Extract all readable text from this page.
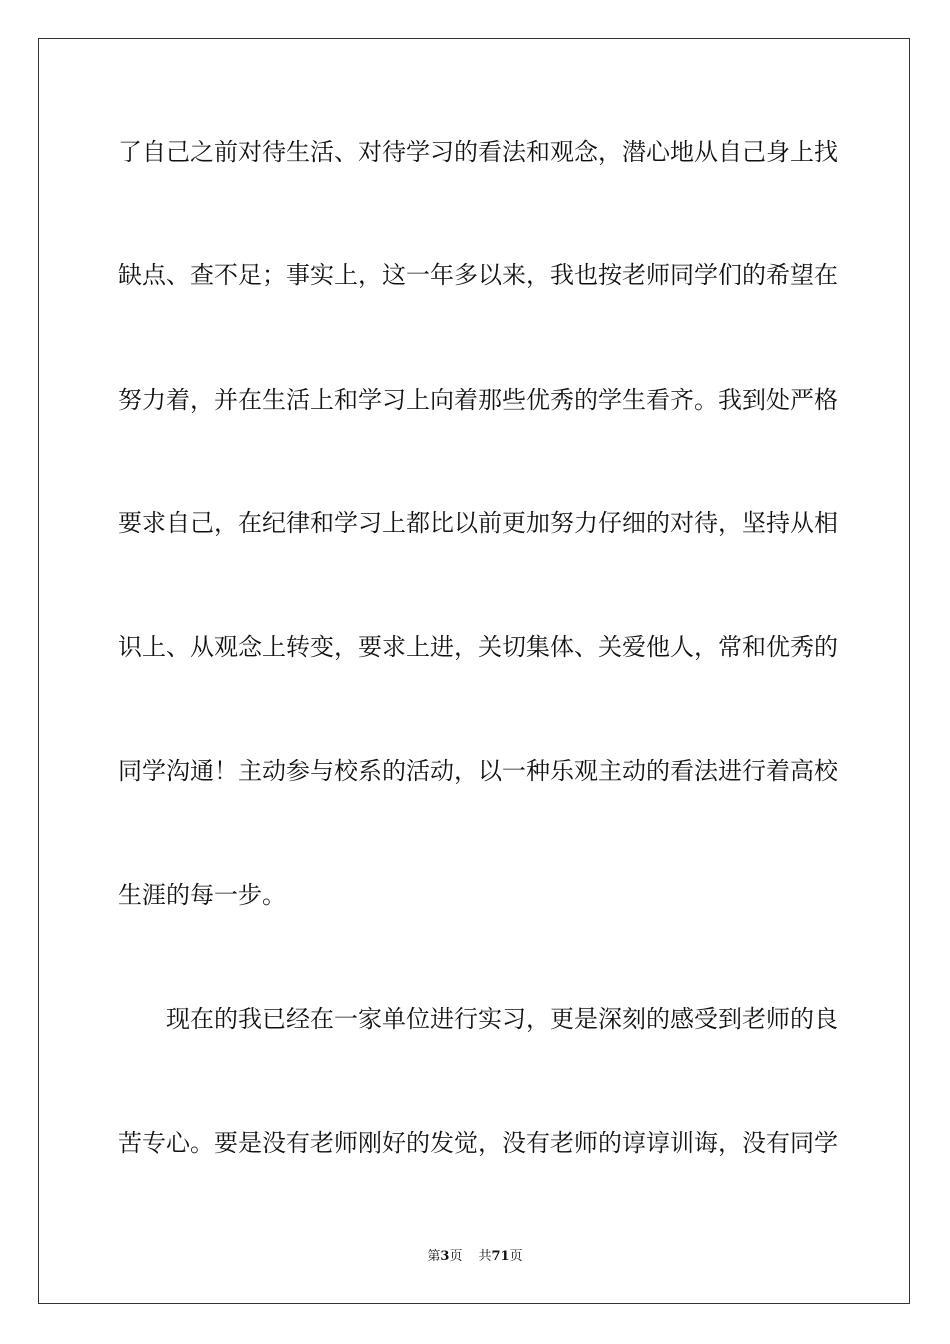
了自己之前对待生活、对待学习的看法和观念，潜心地从自己身上找
缺点、查不足；事实上，这一年多以来，我也按老师同学们的希望在
努力着，并在生活上和学习上向着那些优秀的学生看齐。我到处严格
要求自己，在纪律和学习上都比以前更加努力仔细的对待，坚持从相
识上、从观念上转变，要求上进，关切集体、关爱他人，常和优秀的
同学沟通！主动参与校系的活动，以一种乐观主动的看法进行着高校
生涯的每一步。
现在的我已经在一家单位进行实习，更是深刻的感受到老师的良
苦专心。要是没有老师刚好的发觉，没有老师的谆谆训诲，没有同学
第3页 共71页
